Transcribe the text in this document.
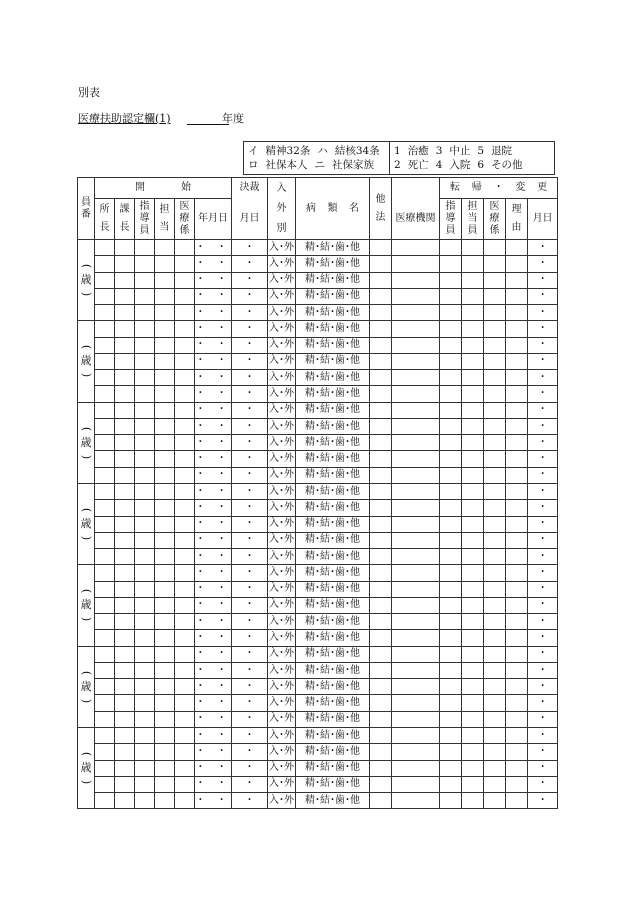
別表
医療扶助認定欄(1)	年度
イ 精神32条 ハ 結核34条
ロ 社保本人 ニ 社保家族

1 治癒 3 中止 5 退院
2 死亡 4 入院 6 その他
員番	開 始						決裁	入外別	病 類 名	他法		転 帰 ・ 変 更				

	所長	課長	指導員	担当	医療係	年月日	月日				医療機関	指導員	担当員	医療係	理由	月日

(
歳
)						・ ・	・	入･外	精･結･歯･他							・
						・ ・	・	入･外	精･結･歯･他							・
						・ ・	・	入･外	精･結･歯･他							・
						・ ・	・	入･外	精･結･歯･他							・
						・ ・	・	入･外	精･結･歯･他							・

(
歳
)						・ ・	・	入･外	精･結･歯･他							・
						・ ・	・	入･外	精･結･歯･他							・
						・ ・	・	入･外	精･結･歯･他							・
						・ ・	・	入･外	精･結･歯･他							・
						・ ・	・	入･外	精･結･歯･他							・

(
歳
)						・ ・	・	入･外	精･結･歯･他							・
						・ ・	・	入･外	精･結･歯･他							・
						・ ・	・	入･外	精･結･歯･他							・
						・ ・	・	入･外	精･結･歯･他							・
						・ ・	・	入･外	精･結･歯･他							・

(
歳
)						・ ・	・	入･外	精･結･歯･他							・
						・ ・	・	入･外	精･結･歯･他							・
						・ ・	・	入･外	精･結･歯･他							・
						・ ・	・	入･外	精･結･歯･他							・
						・ ・	・	入･外	精･結･歯･他							・

(
歳
)						・ ・	・	入･外	精･結･歯･他							・
						・ ・	・	入･外	精･結･歯･他							・
						・ ・	・	入･外	精･結･歯･他							・
						・ ・	・	入･外	精･結･歯･他							・
						・ ・	・	入･外	精･結･歯･他							・

(
歳
)						・ ・	・	入･外	精･結･歯･他							・
						・ ・	・	入･外	精･結･歯･他							・
						・ ・	・	入･外	精･結･歯･他							・
						・ ・	・	入･外	精･結･歯･他							・
						・ ・	・	入･外	精･結･歯･他							・

(
歳
)						・ ・	・	入･外	精･結･歯･他							・
						・ ・	・	入･外	精･結･歯･他							・
						・ ・	・	入･外	精･結･歯･他							・
						・ ・	・	入･外	精･結･歯･他							・
						・ ・	・	入･外	精･結･歯･他							・
